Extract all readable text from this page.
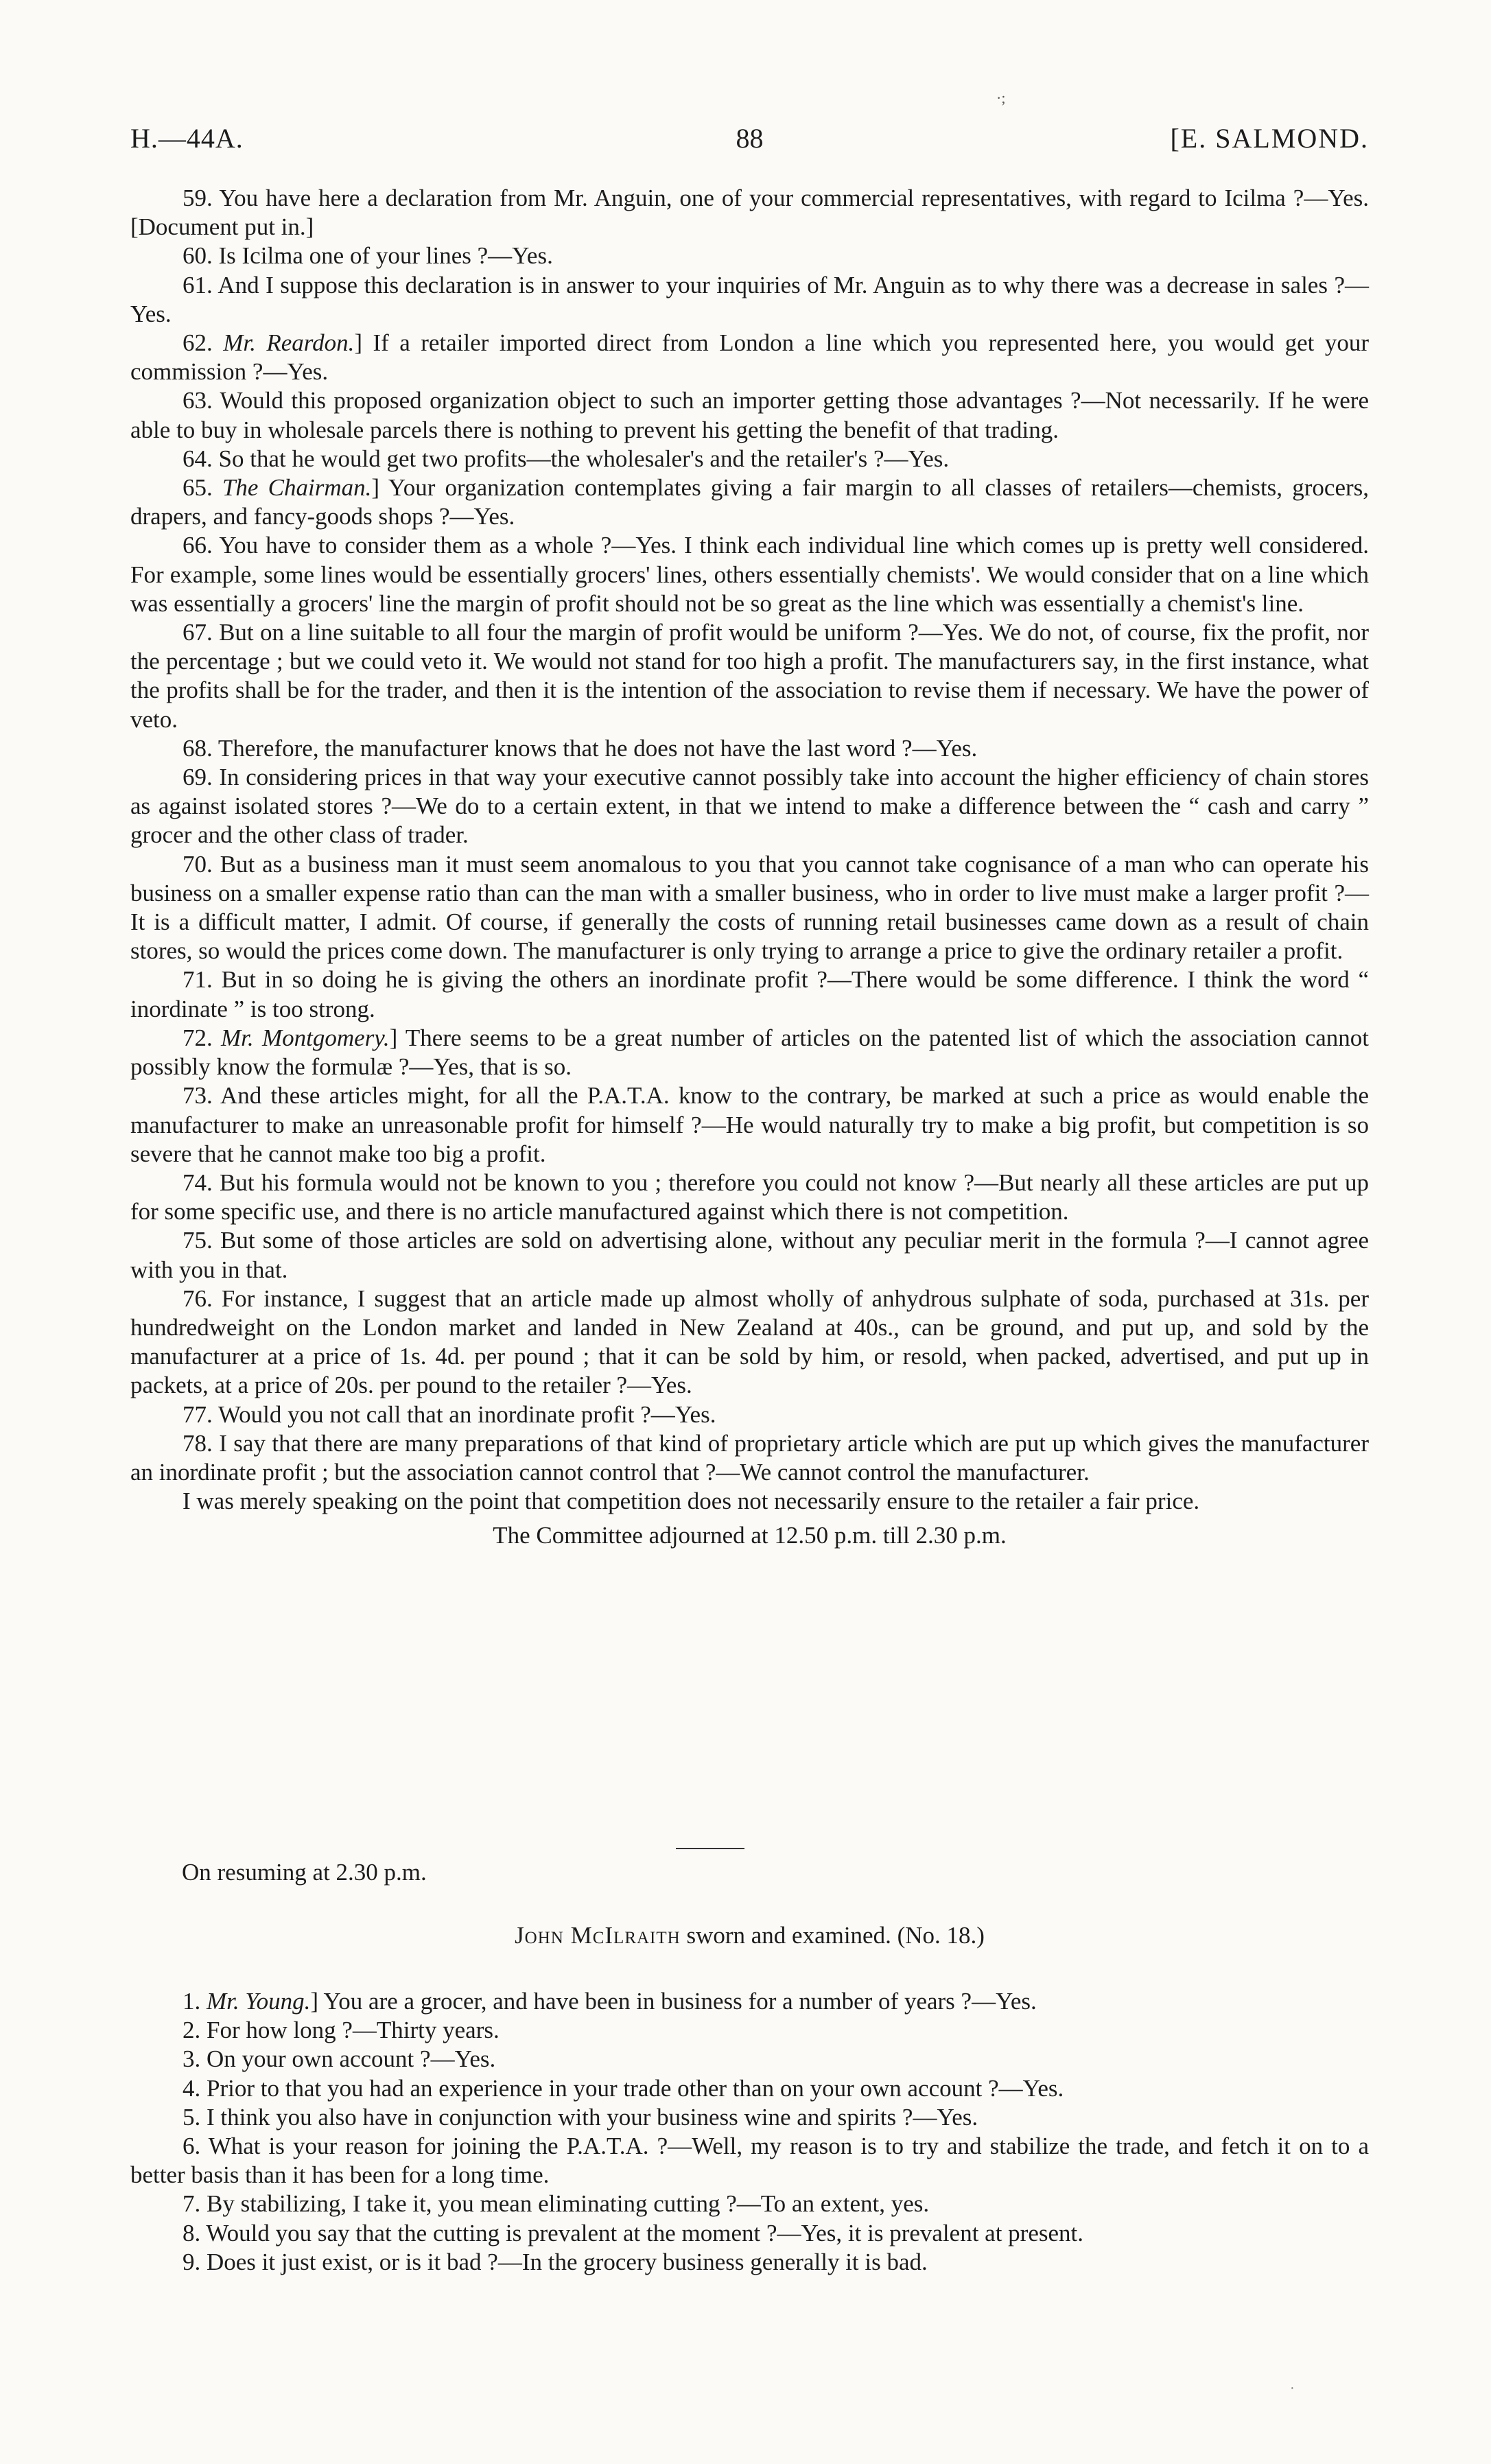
·;
H.—44A.	88	[E. SALMOND.

59. You have here a declaration from Mr. Anguin, one of your commercial representatives, with regard to Icilma ?—Yes. [Document put in.]

60. Is Icilma one of your lines ?—Yes.

61. And I suppose this declaration is in answer to your inquiries of Mr. Anguin as to why there was a decrease in sales ?—Yes.

62. Mr. Reardon.] If a retailer imported direct from London a line which you represented here, you would get your commission ?—Yes.

63. Would this proposed organization object to such an importer getting those advantages ?—Not necessarily. If he were able to buy in wholesale parcels there is nothing to prevent his getting the benefit of that trading.

64. So that he would get two profits—the wholesaler's and the retailer's ?—Yes.

65. The Chairman.] Your organization contemplates giving a fair margin to all classes of retailers—chemists, grocers, drapers, and fancy-goods shops ?—Yes.

66. You have to consider them as a whole ?—Yes. I think each individual line which comes up is pretty well considered. For example, some lines would be essentially grocers' lines, others essentially chemists'. We would consider that on a line which was essentially a grocers' line the margin of profit should not be so great as the line which was essentially a chemist's line.

67. But on a line suitable to all four the margin of profit would be uniform ?—Yes. We do not, of course, fix the profit, nor the percentage ; but we could veto it. We would not stand for too high a profit. The manufacturers say, in the first instance, what the profits shall be for the trader, and then it is the intention of the association to revise them if necessary. We have the power of veto.

68. Therefore, the manufacturer knows that he does not have the last word ?—Yes.

69. In considering prices in that way your executive cannot possibly take into account the higher efficiency of chain stores as against isolated stores ?—We do to a certain extent, in that we intend to make a difference between the “ cash and carry ” grocer and the other class of trader.

70. But as a business man it must seem anomalous to you that you cannot take cognisance of a man who can operate his business on a smaller expense ratio than can the man with a smaller business, who in order to live must make a larger profit ?—It is a difficult matter, I admit. Of course, if generally the costs of running retail businesses came down as a result of chain stores, so would the prices come down. The manufacturer is only trying to arrange a price to give the ordinary retailer a profit.

71. But in so doing he is giving the others an inordinate profit ?—There would be some difference. I think the word “ inordinate ” is too strong.

72. Mr. Montgomery.] There seems to be a great number of articles on the patented list of which the association cannot possibly know the formulæ ?—Yes, that is so.

73. And these articles might, for all the P.A.T.A. know to the contrary, be marked at such a price as would enable the manufacturer to make an unreasonable profit for himself ?—He would naturally try to make a big profit, but competition is so severe that he cannot make too big a profit.

74. But his formula would not be known to you ; therefore you could not know ?—But nearly all these articles are put up for some specific use, and there is no article manufactured against which there is not competition.

75. But some of those articles are sold on advertising alone, without any peculiar merit in the formula ?—I cannot agree with you in that.

76. For instance, I suggest that an article made up almost wholly of anhydrous sulphate of soda, purchased at 31s. per hundredweight on the London market and landed in New Zealand at 40s., can be ground, and put up, and sold by the manufacturer at a price of 1s. 4d. per pound ; that it can be sold by him, or resold, when packed, advertised, and put up in packets, at a price of 20s. per pound to the retailer ?—Yes.

77. Would you not call that an inordinate profit ?—Yes.

78. I say that there are many preparations of that kind of proprietary article which are put up which gives the manufacturer an inordinate profit ; but the association cannot control that ?—We cannot control the manufacturer.

I was merely speaking on the point that competition does not necessarily ensure to the retailer a fair price.

The Committee adjourned at 12.50 p.m. till 2.30 p.m.

On resuming at 2.30 p.m.
John McIlraith sworn and examined. (No. 18.)

1. Mr. Young.] You are a grocer, and have been in business for a number of years ?—Yes.

2. For how long ?—Thirty years.

3. On your own account ?—Yes.

4. Prior to that you had an experience in your trade other than on your own account ?—Yes.

5. I think you also have in conjunction with your business wine and spirits ?—Yes.

6. What is your reason for joining the P.A.T.A. ?—Well, my reason is to try and stabilize the trade, and fetch it on to a better basis than it has been for a long time.

7. By stabilizing, I take it, you mean eliminating cutting ?—To an extent, yes.

8. Would you say that the cutting is prevalent at the moment ?—Yes, it is prevalent at present.

9. Does it just exist, or is it bad ?—In the grocery business generally it is bad.

·
